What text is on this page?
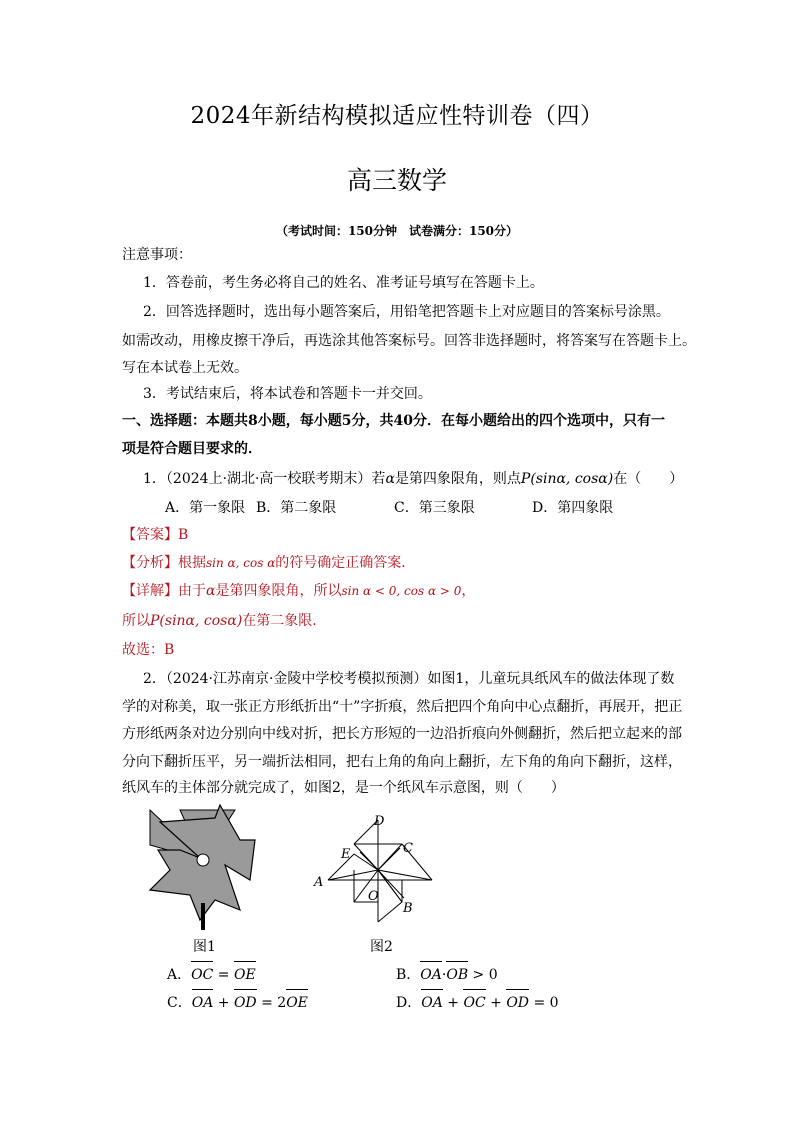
2024年新结构模拟适应性特训卷（四）
高三数学
（考试时间：150分钟　试卷满分：150分）
注意事项：
1．答卷前，考生务必将自己的姓名、准考证号填写在答题卡上。
2．回答选择题时，选出每小题答案后，用铅笔把答题卡上对应题目的答案标号涂黑。
如需改动，用橡皮擦干净后，再选涂其他答案标号。回答非选择题时，将答案写在答题卡上。
写在本试卷上无效。
3．考试结束后，将本试卷和答题卡一并交回。
一、选择题：本题共8小题，每小题5分，共40分．在每小题给出的四个选项中，只有一
项是符合题目要求的．
1．（2024上·湖北·高一校联考期末）若α是第四象限角，则点P(sinα, cosα)在（　　）
A．第一象限 B．第二象限	C．第三象限	D．第四象限
【答案】B
【分析】根据sin α, cos α的符号确定正确答案.
【详解】由于α是第四象限角，所以sin α < 0, cos α > 0，
所以P(sinα, cosα)在第二象限.
故选：B
2．（2024·江苏南京·金陵中学校考模拟预测）如图1，儿童玩具纸风车的做法体现了数
学的对称美，取一张正方形纸折出“十”字折痕，然后把四个角向中心点翻折，再展开，把正
方形纸两条对边分别向中线对折，把长方形短的一边沿折痕向外侧翻折，然后把立起来的部
分向下翻折压平，另一端折法相同，把右上角的角向上翻折，左下角的角向下翻折，这样，
纸风车的主体部分就完成了，如图2，是一个纸风车示意图，则（　　）
图1
D
E	C
A
O
B
图2
A．OC = OE	B．OA·OB > 0
C．OA + OD = 2OE	D．OA + OC + OD = 0
